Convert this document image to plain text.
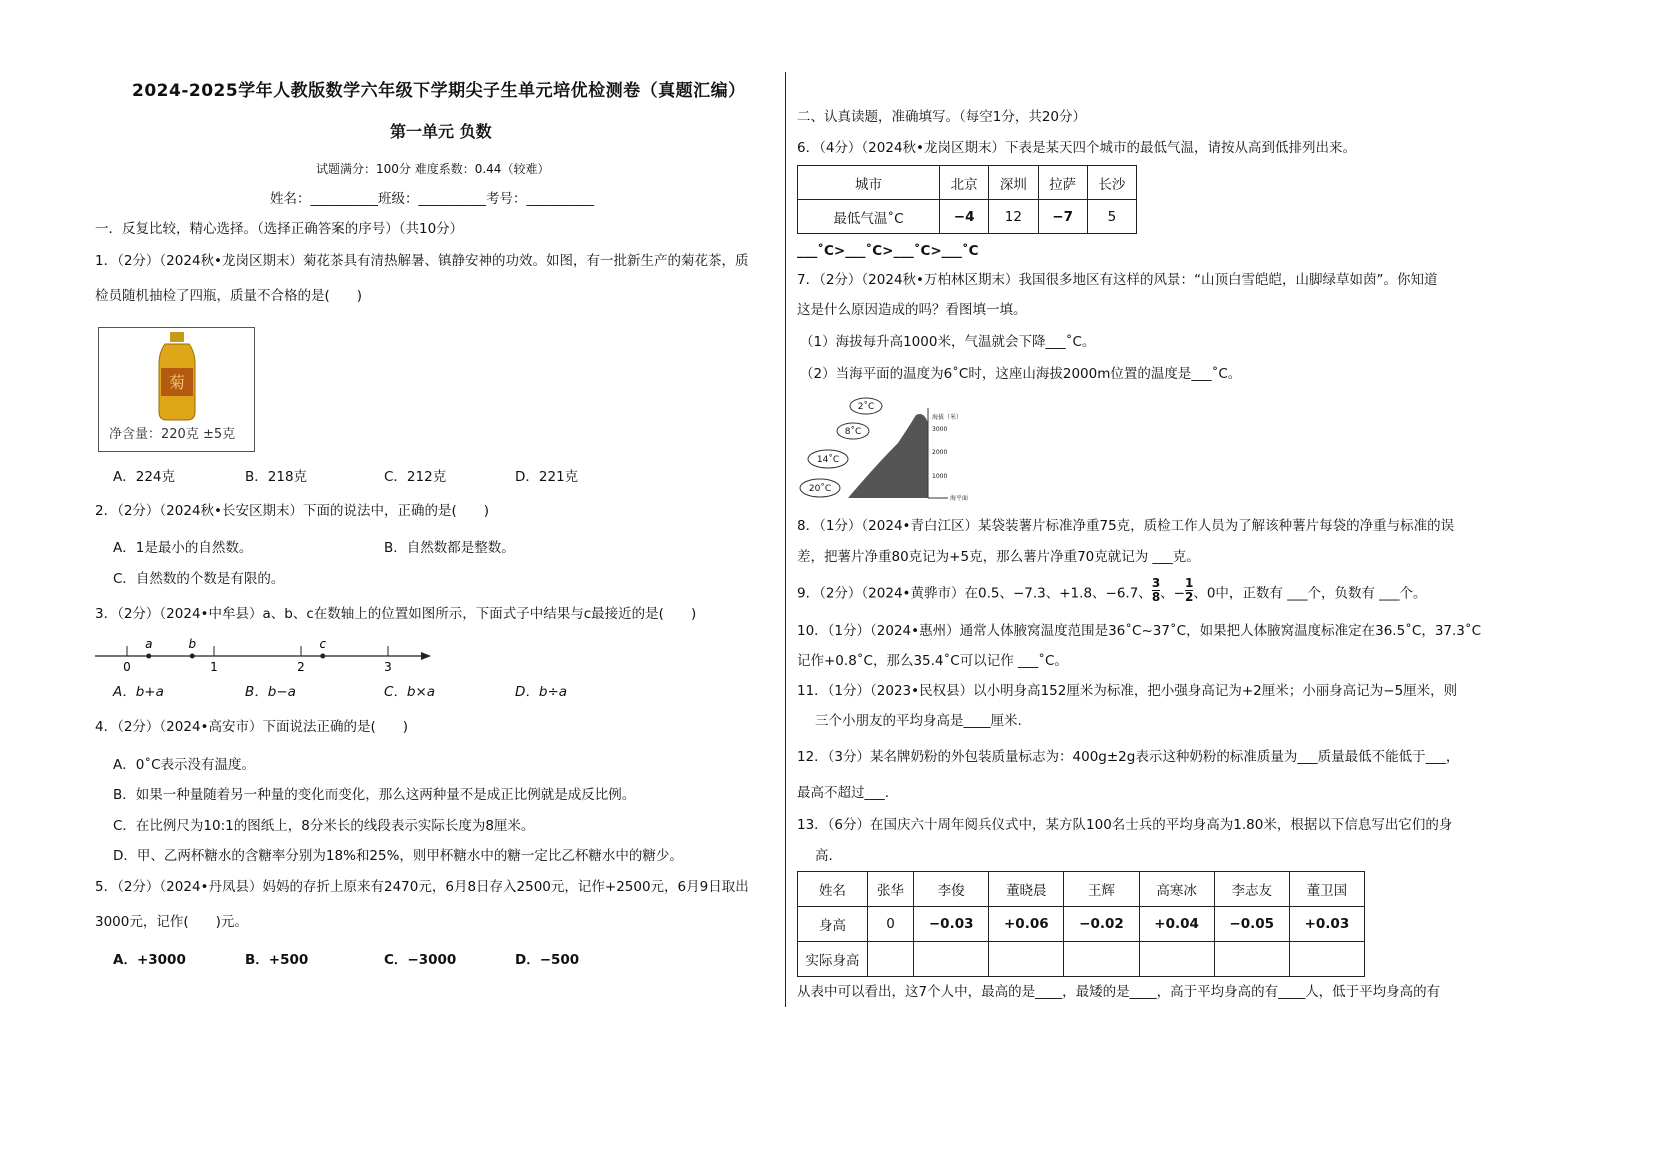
2024-2025学年人教版数学六年级下学期尖子生单元培优检测卷（真题汇编）
第一单元 负数
试题满分：100分 难度系数：0.44（较难）
姓名：__________班级：__________考号：__________
一．反复比较，精心选择。（选择正确答案的序号）（共10分）
1．（2分）（2024秋•龙岗区期末）菊花茶具有清热解暑、镇静安神的功效。如图，有一批新生产的菊花茶，质
检员随机抽检了四瓶，质量不合格的是(　　)
菊
净含量：220克 ±5克
A．224克	B．218克	C．212克	D．221克
2．（2分）（2024秋•长安区期末）下面的说法中，正确的是(　　)
A．1是最小的自然数。	B．自然数都是整数。
C．自然数的个数是有限的。
3．（2分）（2024•中牟县）a、b、c在数轴上的位置如图所示，下面式子中结果与c最接近的是(　　)
0	1	2	3
a	b	c
A．b+a	B．b−a	C．b×a	D．b÷a
4．（2分）（2024•高安市）下面说法正确的是(　　)
A．0˚C表示没有温度。
B．如果一种量随着另一种量的变化而变化，那么这两种量不是成正比例就是成反比例。
C．在比例尺为10:1的图纸上，8分米长的线段表示实际长度为8厘米。
D．甲、乙两杯糖水的含糖率分别为18%和25%，则甲杯糖水中的糖一定比乙杯糖水中的糖少。
5．（2分）（2024•丹凤县）妈妈的存折上原来有2470元，6月8日存入2500元，记作+2500元，6月9日取出
3000元，记作(　　)元。
A．+3000	B．+500	C．−3000	D．−500
二、认真读题，准确填写。（每空1分，共20分）
6．（4分）（2024秋•龙岗区期末）下表是某天四个城市的最低气温，请按从高到低排列出来。
城市	北京	深圳	拉萨	长沙
最低气温˚C	−4	12	−7	5
___˚C>___˚C>___˚C>___˚C
7．（2分）（2024秋•万柏林区期末）我国很多地区有这样的风景：“山顶白雪皑皑，山脚绿草如茵”。你知道
这是什么原因造成的吗？看图填一填。
（1）海拔每升高1000米，气温就会下降___˚C。
（2）当海平面的温度为6˚C时，这座山海拔2000m位置的温度是___˚C。
2˚C
8˚C
14˚C
20˚C
海拔（米）
3000
2000
1000
海平面
8．（1分）（2024•青白江区）某袋装薯片标准净重75克，质检工作人员为了解该种薯片每袋的净重与标准的误
差，把薯片净重80克记为+5克，那么薯片净重70克就记为 ___克。
9．（2分）（2024•黄骅市）在0.5、−7.3、+1.8、−6.7、 $\frac{3}{8}$ 、− $\frac{1}{2}$ 、0中，正数有 ___个，负数有 ___个。
10．（1分）（2024•惠州）通常人体腋窝温度范围是36˚C~37˚C，如果把人体腋窝温度标准定在36.5˚C，37.3˚C
记作+0.8˚C，那么35.4˚C可以记作 ___˚C。
11．（1分）（2023•民权县）以小明身高152厘米为标准，把小强身高记为+2厘米；小丽身高记为−5厘米，则
三个小朋友的平均身高是____厘米.
12．（3分）某名牌奶粉的外包装质量标志为：400g±2g表示这种奶粉的标准质量为___质量最低不能低于___，
最高不超过___.
13．（6分）在国庆六十周年阅兵仪式中，某方队100名士兵的平均身高为1.80米，根据以下信息写出它们的身
高.
姓名	张华	李俊	董晓晨	王辉	高寒冰	李志友	董卫国
身高	0	−0.03	+0.06	−0.02	+0.04	−0.05	+0.03
实际身高							
从表中可以看出，这7个人中，最高的是____，最矮的是____，高于平均身高的有____人，低于平均身高的有
